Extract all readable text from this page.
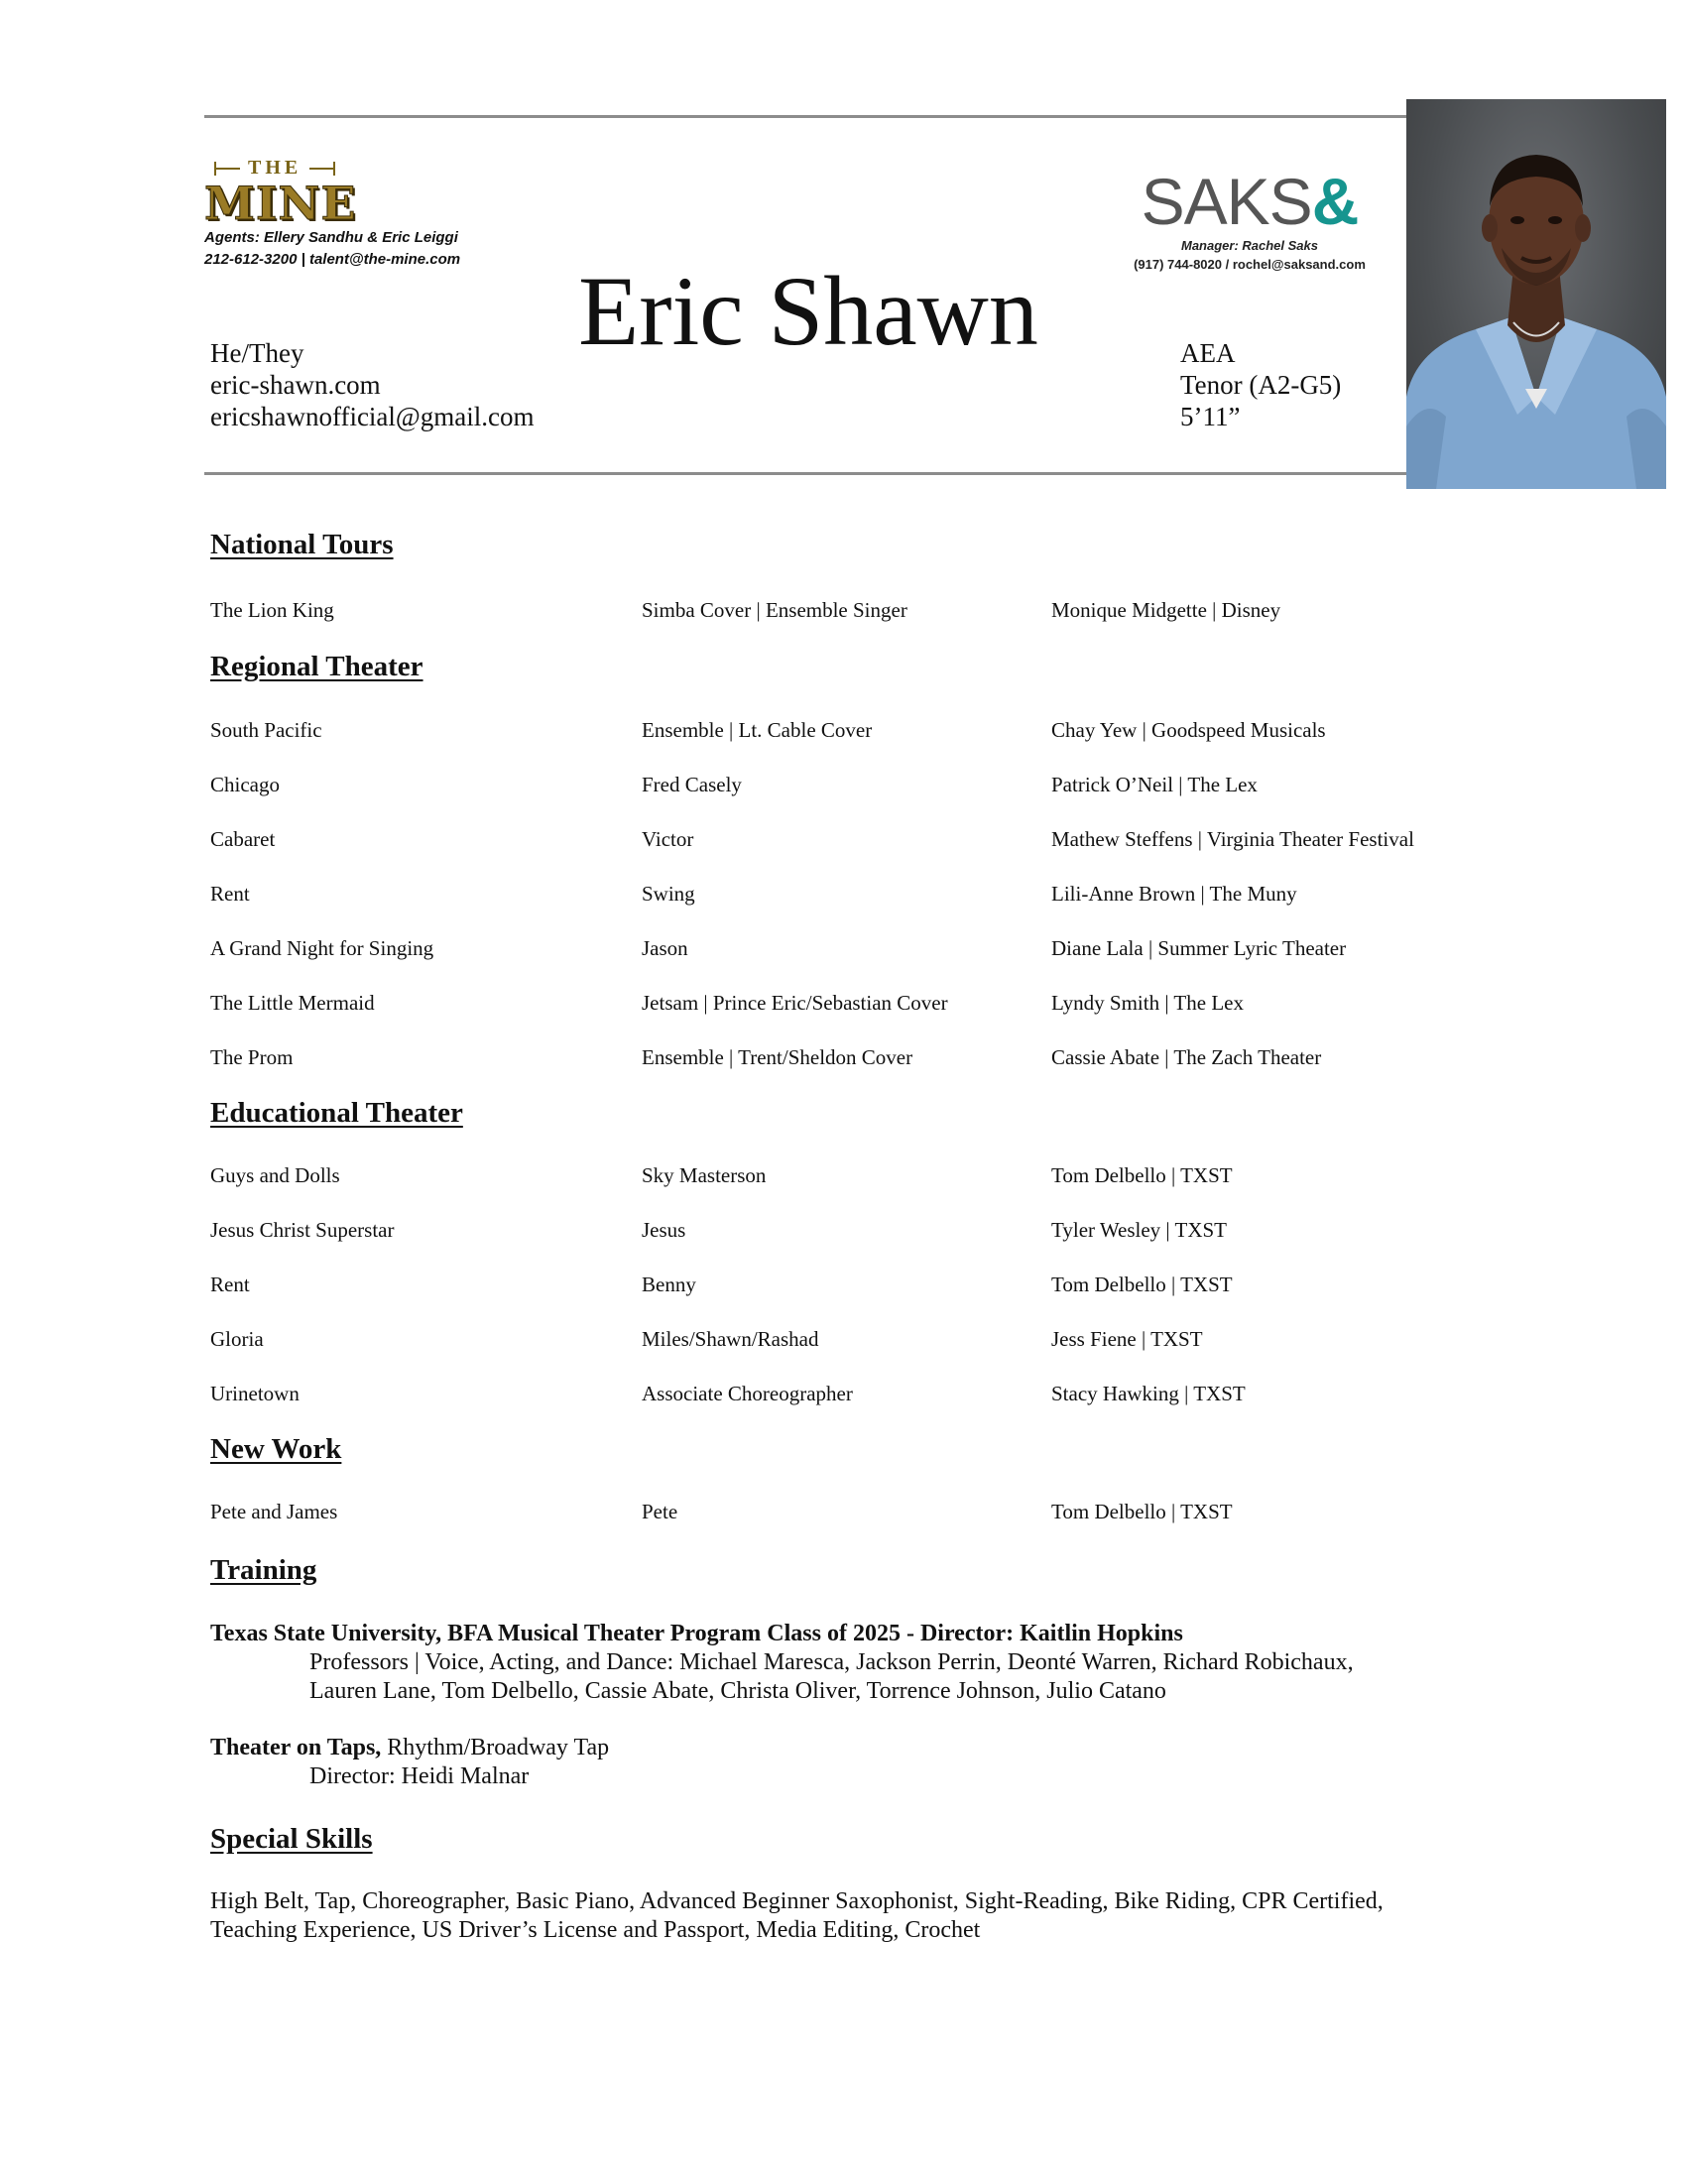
THE
MINE
Agents: Ellery Sandhu & Eric Leiggi
212-612-3200 | talent@the-mine.com
SAKS&
Manager: Rachel Saks
(917) 744-8020 / rochel@saksand.com
Eric Shawn
He/They
eric-shawn.com
ericshawnofficial@gmail.com
AEA
Tenor (A2-G5)
5’11”
National Tours
The Lion King	Simba Cover | Ensemble Singer	Monique Midgette | Disney
Regional Theater
South Pacific	Ensemble | Lt. Cable Cover	Chay Yew | Goodspeed Musicals
Chicago	Fred Casely	Patrick O’Neil | The Lex
Cabaret	Victor	Mathew Steffens | Virginia Theater Festival
Rent	Swing	Lili-Anne Brown | The Muny
A Grand Night for Singing	Jason	Diane Lala | Summer Lyric Theater
The Little Mermaid	Jetsam | Prince Eric/Sebastian Cover	Lyndy Smith | The Lex
The Prom	Ensemble | Trent/Sheldon Cover	Cassie Abate | The Zach Theater
Educational Theater
Guys and Dolls	Sky Masterson	Tom Delbello | TXST
Jesus Christ Superstar	Jesus	Tyler Wesley | TXST
Rent	Benny	Tom Delbello | TXST
Gloria	Miles/Shawn/Rashad	Jess Fiene | TXST
Urinetown	Associate Choreographer	Stacy Hawking | TXST
New Work
Pete and James	Pete	Tom Delbello | TXST
Training
Texas State University, BFA Musical Theater Program Class of 2025 - Director: Kaitlin Hopkins
Professors | Voice, Acting, and Dance: Michael Maresca, Jackson Perrin, Deonté Warren, Richard Robichaux,
Lauren Lane, Tom Delbello, Cassie Abate, Christa Oliver, Torrence Johnson, Julio Catano
Theater on Taps, Rhythm/Broadway Tap
Director: Heidi Malnar
Special Skills
High Belt, Tap, Choreographer, Basic Piano, Advanced Beginner Saxophonist, Sight-Reading, Bike Riding, CPR Certified,
Teaching Experience, US Driver’s License and Passport, Media Editing, Crochet
